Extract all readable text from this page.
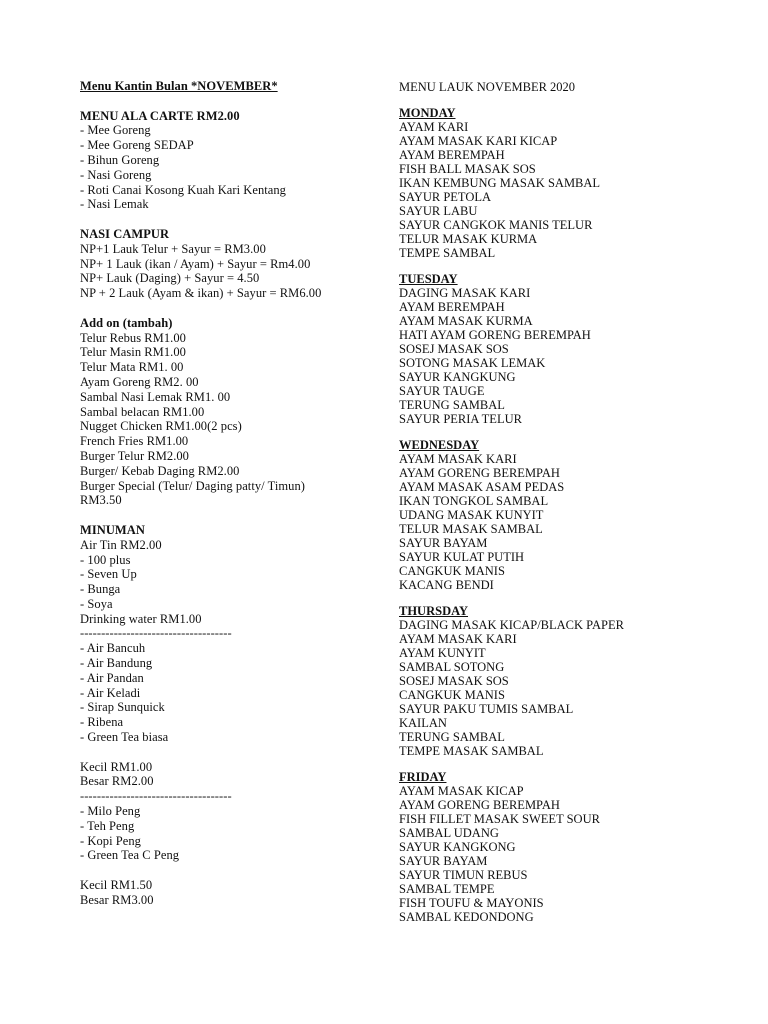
Menu Kantin Bulan *NOVEMBER*
MENU ALA CARTE RM2.00
- Mee Goreng
- Mee Goreng SEDAP
- Bihun Goreng
- Nasi Goreng
- Roti Canai Kosong Kuah Kari Kentang
- Nasi Lemak
NASI CAMPUR
NP+1 Lauk Telur + Sayur = RM3.00
NP+ 1 Lauk (ikan / Ayam) + Sayur = Rm4.00
NP+ Lauk (Daging) + Sayur = 4.50
NP + 2 Lauk (Ayam & ikan) + Sayur = RM6.00
Add on (tambah)
Telur Rebus RM1.00
Telur Masin RM1.00
Telur Mata RM1. 00
Ayam Goreng RM2. 00
Sambal Nasi Lemak RM1. 00
Sambal belacan RM1.00
Nugget Chicken RM1.00(2 pcs)
French Fries RM1.00
Burger Telur RM2.00
Burger/ Kebab Daging RM2.00
Burger Special (Telur/ Daging patty/ Timun)
RM3.50
MINUMAN
Air Tin RM2.00
- 100 plus
- Seven Up
- Bunga
- Soya
Drinking water RM1.00
------------------------------------
- Air Bancuh
- Air Bandung
- Air Pandan
- Air Keladi
- Sirap Sunquick
- Ribena
- Green Tea biasa
Kecil RM1.00
Besar RM2.00
------------------------------------
- Milo Peng
- Teh Peng
- Kopi Peng
- Green Tea C Peng
Kecil RM1.50
Besar RM3.00
MENU LAUK NOVEMBER 2020
MONDAY
AYAM KARI
AYAM MASAK KARI KICAP
AYAM BEREMPAH
FISH BALL MASAK SOS
IKAN KEMBUNG MASAK SAMBAL
SAYUR PETOLA
SAYUR LABU
SAYUR CANGKOK MANIS TELUR
TELUR MASAK KURMA
TEMPE SAMBAL
TUESDAY
DAGING MASAK KARI
AYAM BEREMPAH
AYAM MASAK KURMA
HATI AYAM GORENG BEREMPAH
SOSEJ MASAK SOS
SOTONG MASAK LEMAK
SAYUR KANGKUNG
SAYUR TAUGE
TERUNG SAMBAL
SAYUR PERIA TELUR
WEDNESDAY
AYAM MASAK KARI
AYAM GORENG BEREMPAH
AYAM MASAK ASAM PEDAS
IKAN TONGKOL SAMBAL
UDANG MASAK KUNYIT
TELUR MASAK SAMBAL
SAYUR BAYAM
SAYUR KULAT PUTIH
CANGKUK MANIS
KACANG BENDI
THURSDAY
DAGING MASAK KICAP/BLACK PAPER
AYAM MASAK KARI
AYAM KUNYIT
SAMBAL SOTONG
SOSEJ MASAK SOS
CANGKUK MANIS
SAYUR PAKU TUMIS SAMBAL
KAILAN
TERUNG SAMBAL
TEMPE MASAK SAMBAL
FRIDAY
AYAM MASAK KICAP
AYAM GORENG BEREMPAH
FISH FILLET MASAK SWEET SOUR
SAMBAL UDANG
SAYUR KANGKONG
SAYUR BAYAM
SAYUR TIMUN REBUS
SAMBAL TEMPE
FISH TOUFU & MAYONIS
SAMBAL KEDONDONG
